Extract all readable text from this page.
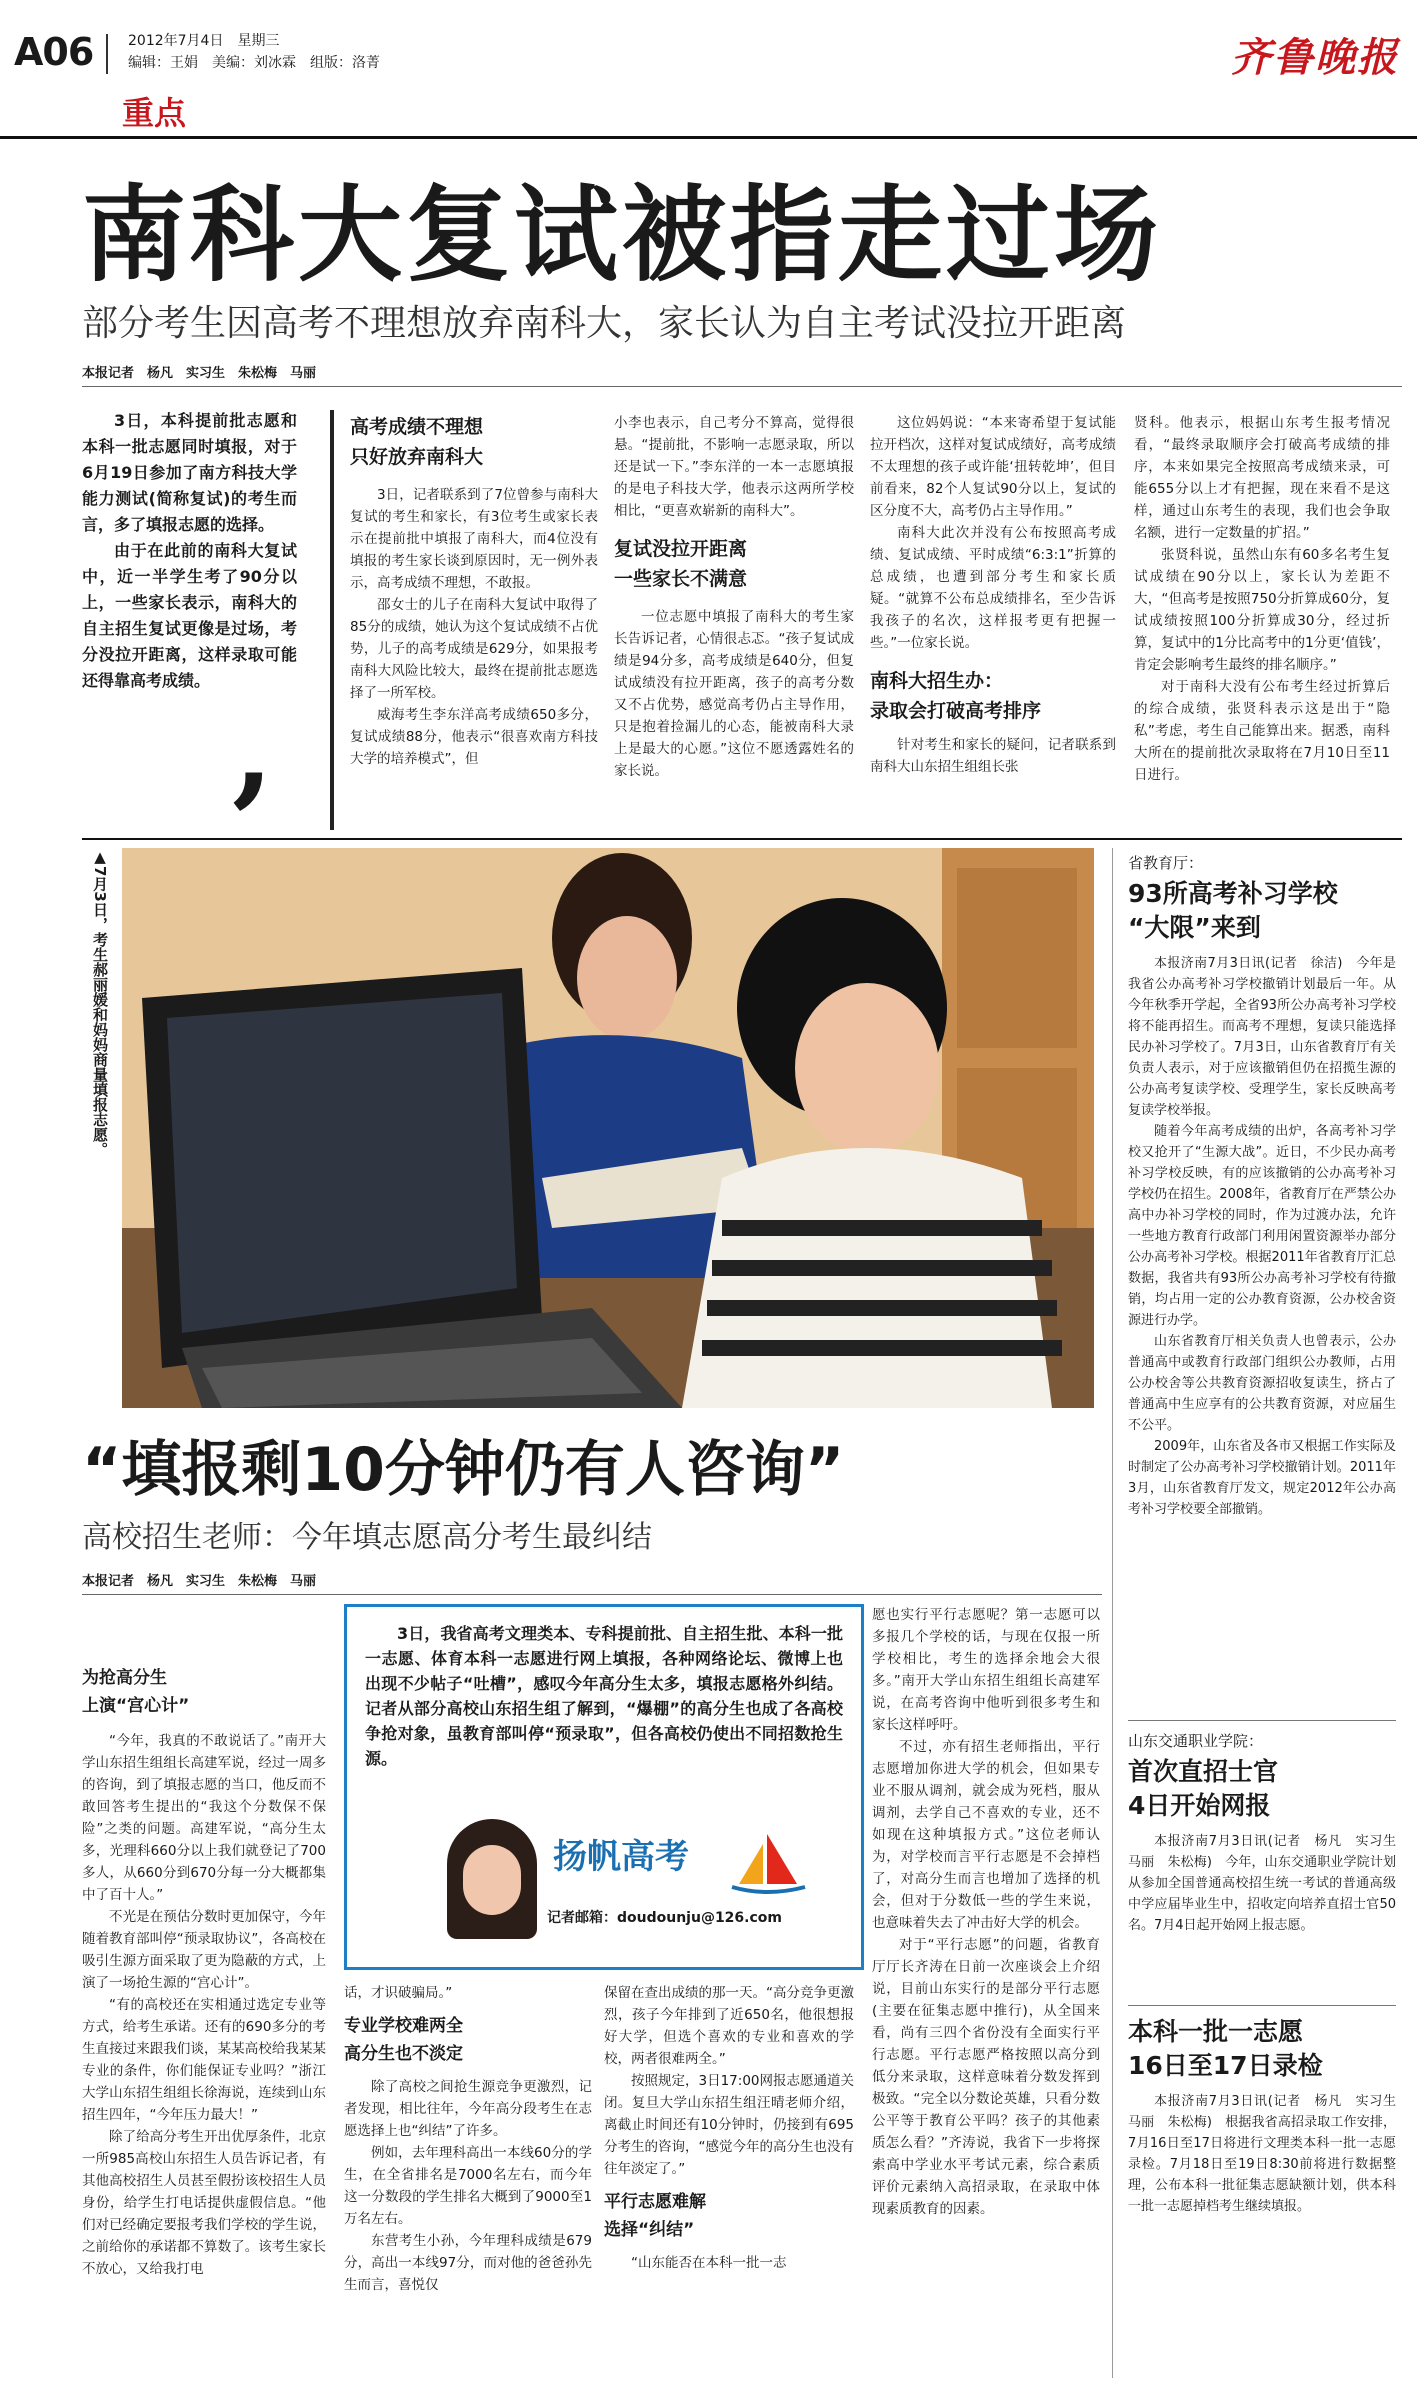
A06 2012年7月4日　星期三
编辑：王娟　美编：刘冰霖　组版：洛菁
重点
齐鲁晚报
南科大复试被指走过场
部分考生因高考不理想放弃南科大，家长认为自主考试没拉开距离
本报记者　杨凡　实习生　朱松梅　马丽

3日，本科提前批志愿和本科一批志愿同时填报，对于6月19日参加了南方科技大学能力测试(简称复试)的考生而言，多了填报志愿的选择。

由于在此前的南科大复试中，近一半学生考了90分以上，一些家长表示，南科大的自主招生复试更像是过场，考分没拉开距离，这样录取可能还得靠高考成绩。 ,
高考成绩不理想
只好放弃南科大

3日，记者联系到了7位曾参与南科大复试的考生和家长，有3位考生或家长表示在提前批中填报了南科大，而4位没有填报的考生家长谈到原因时，无一例外表示，高考成绩不理想，不敢报。

邵女士的儿子在南科大复试中取得了85分的成绩，她认为这个复试成绩不占优势，儿子的高考成绩是629分，如果报考南科大风险比较大，最终在提前批志愿选择了一所军校。

威海考生李东洋高考成绩650多分，复试成绩88分，他表示“很喜欢南方科技大学的培养模式”，但

小李也表示，自己考分不算高，觉得很悬。“提前批，不影响一志愿录取，所以还是试一下。”李东洋的一本一志愿填报的是电子科技大学，他表示这两所学校相比，“更喜欢崭新的南科大”。

复试没拉开距离
一些家长不满意

一位志愿中填报了南科大的考生家长告诉记者，心情很忐忑。“孩子复试成绩是94分多，高考成绩是640分，但复试成绩没有拉开距离，孩子的高考分数又不占优势，感觉高考仍占主导作用，只是抱着捡漏儿的心态，能被南科大录上是最大的心愿。”这位不愿透露姓名的家长说。

这位妈妈说：“本来寄希望于复试能拉开档次，这样对复试成绩好，高考成绩不太理想的孩子或许能‘扭转乾坤’，但目前看来，82个人复试90分以上，复试的区分度不大，高考仍占主导作用。”

南科大此次并没有公布按照高考成绩、复试成绩、平时成绩“6:3:1”折算的总成绩，也遭到部分考生和家长质疑。“就算不公布总成绩排名，至少告诉我孩子的名次，这样报考更有把握一些。”一位家长说。

南科大招生办：
录取会打破高考排序

针对考生和家长的疑问，记者联系到南科大山东招生组组长张

贤科。他表示，根据山东考生报考情况看，“最终录取顺序会打破高考成绩的排序，本来如果完全按照高考成绩来录，可能655分以上才有把握，现在来看不是这样，通过山东考生的表现，我们也会争取名额，进行一定数量的扩招。”

张贤科说，虽然山东有60多名考生复试成绩在90分以上，家长认为差距不大，“但高考是按照750分折算成60分，复试成绩按照100分折算成30分，经过折算，复试中的1分比高考中的1分更‘值钱’，肯定会影响考生最终的排名顺序。”

对于南科大没有公布考生经过折算后的综合成绩，张贤科表示这是出于“隐私”考虑，考生自己能算出来。据悉，南科大所在的提前批次录取将在7月10日至11日进行。

▲7月3日，考生郝丽媛和妈妈商量填报志愿。	省教育厅：
93所高考补习学校
“大限”来到

本报济南7月3日讯(记者　徐洁)　今年是我省公办高考补习学校撤销计划最后一年。从今年秋季开学起，全省93所公办高考补习学校将不能再招生。而高考不理想，复读只能选择民办补习学校了。7月3日，山东省教育厅有关负责人表示，对于应该撤销但仍在招揽生源的公办高考复读学校、受理学生，家长反映高考复读学校举报。

随着今年高考成绩的出炉，各高考补习学校又抢开了“生源大战”。近日，不少民办高考补习学校反映，有的应该撤销的公办高考补习学校仍在招生。2008年，省教育厅在严禁公办高中办补习学校的同时，作为过渡办法，允许一些地方教育行政部门利用闲置资源举办部分公办高考补习学校。根据2011年省教育厅汇总数据，我省共有93所公办高考补习学校有待撤销，均占用一定的公办教育资源，公办校舍资源进行办学。

山东省教育厅相关负责人也曾表示，公办普通高中或教育行政部门组织公办教师，占用公办校舍等公共教育资源招收复读生，挤占了普通高中生应享有的公共教育资源，对应届生不公平。

2009年，山东省及各市又根据工作实际及时制定了公办高考补习学校撤销计划。2011年3月，山东省教育厅发文，规定2012年公办高考补习学校要全部撤销。

山东交通职业学院：
首次直招士官
4日开始网报

本报济南7月3日讯(记者　杨凡　实习生　马丽　朱松梅)　今年，山东交通职业学院计划从参加全国普通高校招生统一考试的普通高级中学应届毕业生中，招收定向培养直招士官50名。7月4日起开始网上报志愿。

本科一批一志愿
16日至17日录检

本报济南7月3日讯(记者　杨凡　实习生　马丽　朱松梅)　根据我省高招录取工作安排，7月16日至17日将进行文理类本科一批一志愿录检。7月18日至19日8:30前将进行数据整理，公布本科一批征集志愿缺额计划，供本科一批一志愿掉档考生继续填报。

“填报剩10分钟仍有人咨询”
高校招生老师：今年填志愿高分考生最纠结
本报记者　杨凡　实习生　朱松梅　马丽
为抢高分生
上演“宫心计”

“今年，我真的不敢说话了。”南开大学山东招生组组长高建军说，经过一周多的咨询，到了填报志愿的当口，他反而不敢回答考生提出的“我这个分数保不保险”之类的问题。高建军说，“高分生太多，光理科660分以上我们就登记了700多人，从660分到670分每一分大概都集中了百十人。”

不光是在预估分数时更加保守，今年随着教育部叫停“预录取协议”，各高校在吸引生源方面采取了更为隐蔽的方式，上演了一场抢生源的“宫心计”。

“有的高校还在实相通过选定专业等方式，给考生承诺。还有的690多分的考生直接过来跟我们谈，某某高校给我某某专业的条件，你们能保证专业吗？”浙江大学山东招生组组长徐海说，连续到山东招生四年，“今年压力最大！”

除了给高分考生开出优厚条件，北京一所985高校山东招生人员告诉记者，有其他高校招生人员甚至假扮该校招生人员身份，给学生打电话提供虚假信息。“他们对已经确定要报考我们学校的学生说，之前给你的承诺都不算数了。该考生家长不放心，又给我打电

3日，我省高考文理类本、专科提前批、自主招生批、本科一批一志愿、体育本科一志愿进行网上填报，各种网络论坛、微博上也出现不少帖子“吐槽”，感叹今年高分生太多，填报志愿格外纠结。记者从部分高校山东招生组了解到，“爆棚”的高分生也成了各高校争抢对象，虽教育部叫停“预录取”，但各高校仍使出不同招数抢生源。

扬帆高考
记者邮箱：doudounju@126.com

话，才识破骗局。”

专业学校难两全
高分生也不淡定

除了高校之间抢生源竞争更激烈，记者发现，相比往年，今年高分段考生在志愿选择上也“纠结”了许多。

例如，去年理科高出一本线60分的学生，在全省排名是7000名左右，而今年这一分数段的学生排名大概到了9000至1万名左右。

东营考生小孙，今年理科成绩是679分，高出一本线97分，而对他的爸爸孙先生而言，喜悦仅

保留在查出成绩的那一天。“高分竞争更激烈，孩子今年排到了近650名，他很想报好大学，但选个喜欢的专业和喜欢的学校，两者很难两全。”

按照规定，3日17:00网报志愿通道关闭。复旦大学山东招生组汪晴老师介绍，离截止时间还有10分钟时，仍接到有695分考生的咨询，“感觉今年的高分生也没有往年淡定了。”

平行志愿难解
选择“纠结”

“山东能否在本科一批一志

愿也实行平行志愿呢？第一志愿可以多报几个学校的话，与现在仅报一所学校相比，考生的选择余地会大很多。”南开大学山东招生组组长高建军说，在高考咨询中他听到很多考生和家长这样呼吁。

不过，亦有招生老师指出，平行志愿增加你进大学的机会，但如果专业不服从调剂，就会成为死档，服从调剂，去学自己不喜欢的专业，还不如现在这种填报方式。”这位老师认为，对学校而言平行志愿是不会掉档了，对高分生而言也增加了选择的机会，但对于分数低一些的学生来说，也意味着失去了冲击好大学的机会。

对于“平行志愿”的问题，省教育厅厅长齐涛在日前一次座谈会上介绍说，目前山东实行的是部分平行志愿(主要在征集志愿中推行)，从全国来看，尚有三四个省份没有全面实行平行志愿。平行志愿严格按照以高分到低分来录取，这样意味着分数发挥到极致。“完全以分数论英雄，只看分数公平等于教育公平吗？孩子的其他素质怎么看？”齐涛说，我省下一步将探索高中学业水平考试元素，综合素质评价元素纳入高招录取，在录取中体现素质教育的因素。
